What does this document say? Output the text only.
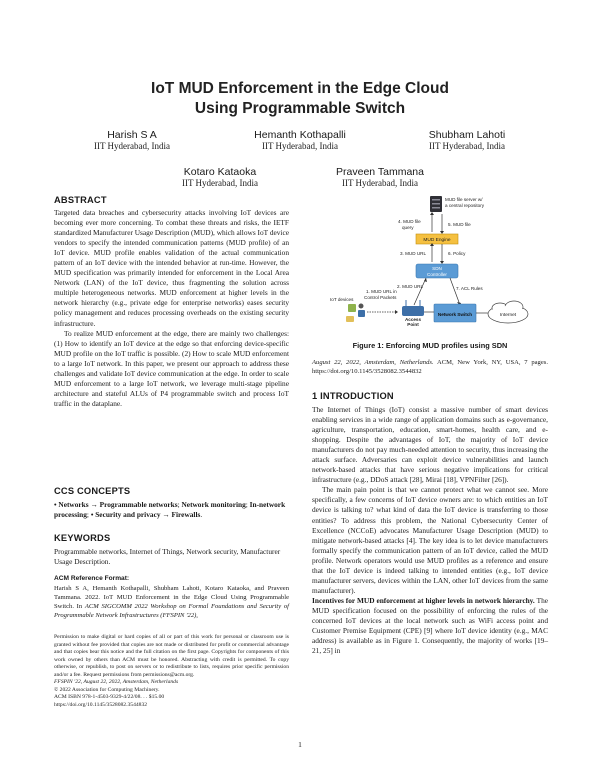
IoT MUD Enforcement in the Edge Cloud
Using Programmable Switch
Harish S A
IIT Hyderabad, India
Hemanth Kothapalli
IIT Hyderabad, India
Shubham Lahoti
IIT Hyderabad, India
Kotaro Kataoka
IIT Hyderabad, India
Praveen Tammana
IIT Hyderabad, India
ABSTRACT

Targeted data breaches and cybersecurity attacks involving IoT devices are becoming ever more concerning. To combat these threats and risks, the IETF standardized Manufacturer Usage Description (MUD), which allows IoT device vendors to specify the intended communication patterns (MUD profile) of an IoT device. MUD profile enables validation of the actual communication pattern of an IoT device with the intended behavior at run-time. However, the MUD specification was primarily intended for enforcement in the Local Area Network (LAN) of the IoT device, thus fragmenting the solution across multiple heterogeneous networks. MUD enforcement at higher levels in the network hierarchy (e.g., private edge for enterprise networks) eases security policy management and reduces processing overheads on the existing security infrastructure.

To realize MUD enforcement at the edge, there are mainly two challenges: (1) How to identify an IoT device at the edge so that enforcing device-specific MUD profile on the IoT traffic is possible. (2) How to scale MUD enforcement to a large IoT network. In this paper, we present our approach to address these challenges and validate IoT device communication at the edge. In order to scale MUD enforcement to a large IoT network, we leverage multi-stage pipeline architecture and stateful ALUs of P4 programmable switch and process IoT traffic in the dataplane.

CCS CONCEPTS
• Networks → Programmable networks; Network monitoring; In-network processing; • Security and privacy → Firewalls.
KEYWORDS
Programmable networks, Internet of Things, Network security, Manufacturer Usage Description.
ACM Reference Format:
Harish S A, Hemanth Kothapalli, Shubham Lahoti, Kotaro Kataoka, and Praveen Tammana. 2022. IoT MUD Enforcement in the Edge Cloud Using Programmable Switch. In ACM SIGCOMM 2022 Workshop on Formal Foundations and Security of Programmable Network Infrastructures (FFSPIN '22),
Permission to make digital or hard copies of all or part of this work for personal or classroom use is granted without fee provided that copies are not made or distributed for profit or commercial advantage and that copies bear this notice and the full citation on the first page. Copyrights for components of this work owned by others than ACM must be honored. Abstracting with credit is permitted. To copy otherwise, or republish, to post on servers or to redistribute to lists, requires prior specific permission and/or a fee. Request permissions from permissions@acm.org.
FFSPIN '22, August 22, 2022, Amsterdam, Netherlands
© 2022 Association for Computing Machinery.
ACM ISBN 978-1-4503-9329-4/22/08. . . $15.00
https://doi.org/10.1145/3528082.3544832
MUD file server w/
a central repository
4. MUD file
query
5. MUD file
MUD Engine
3. MUD URL	6. Policy
SDN
Controller
2. MUD URL	7. ACL Rules
IoT devices
1. MUD URL in
Control Packets
Access
Point
Network Switch	Internet
Figure 1: Enforcing MUD profiles using SDN
August 22, 2022, Amsterdam, Netherlands. ACM, New York, NY, USA, 7 pages. https://doi.org/10.1145/3528082.3544832
1 INTRODUCTION

The Internet of Things (IoT) consist a massive number of smart devices enabling services in a wide range of application domains such as e-governance, agriculture, transportation, education, smart-homes, health care, and e-shopping. Despite the advantages of IoT, the majority of IoT device manufacturers do not pay much-needed attention to security, thus increasing the attack surface. Adversaries can exploit device vulnerabilities and launch network-based attacks that have serious negative implications for critical infrastructure (e.g., DDoS attack [28], Mirai [18], VPNFilter [26]).

The main pain point is that we cannot protect what we cannot see. More specifically, a few concerns of IoT device owners are: to which entities an IoT device is talking to? what kind of data the IoT device is transferring to those entities? To address this problem, the National Cybersecurity Center of Excellence (NCCoE) advocates Manufacturer Usage Description (MUD) to mitigate network-based attacks [4]. The key idea is to let device manufacturers formally specify the communication pattern of an IoT device, called the MUD profile. Network operators would use MUD profiles as a reference and ensure that the IoT device is indeed talking to intended entities (e.g., IoT device manufacturer servers, devices within the LAN, other IoT devices from the same manufacturer).

Incentives for MUD enforcement at higher levels in network hierarchy. The MUD specification focused on the possibility of enforcing the rules of the concerned IoT devices at the local network such as WiFi access point and Customer Premise Equipment (CPE) [9] where IoT device identity (e.g., MAC address) is available as in Figure 1. Consequently, the majority of works [19–21, 25] in

1
